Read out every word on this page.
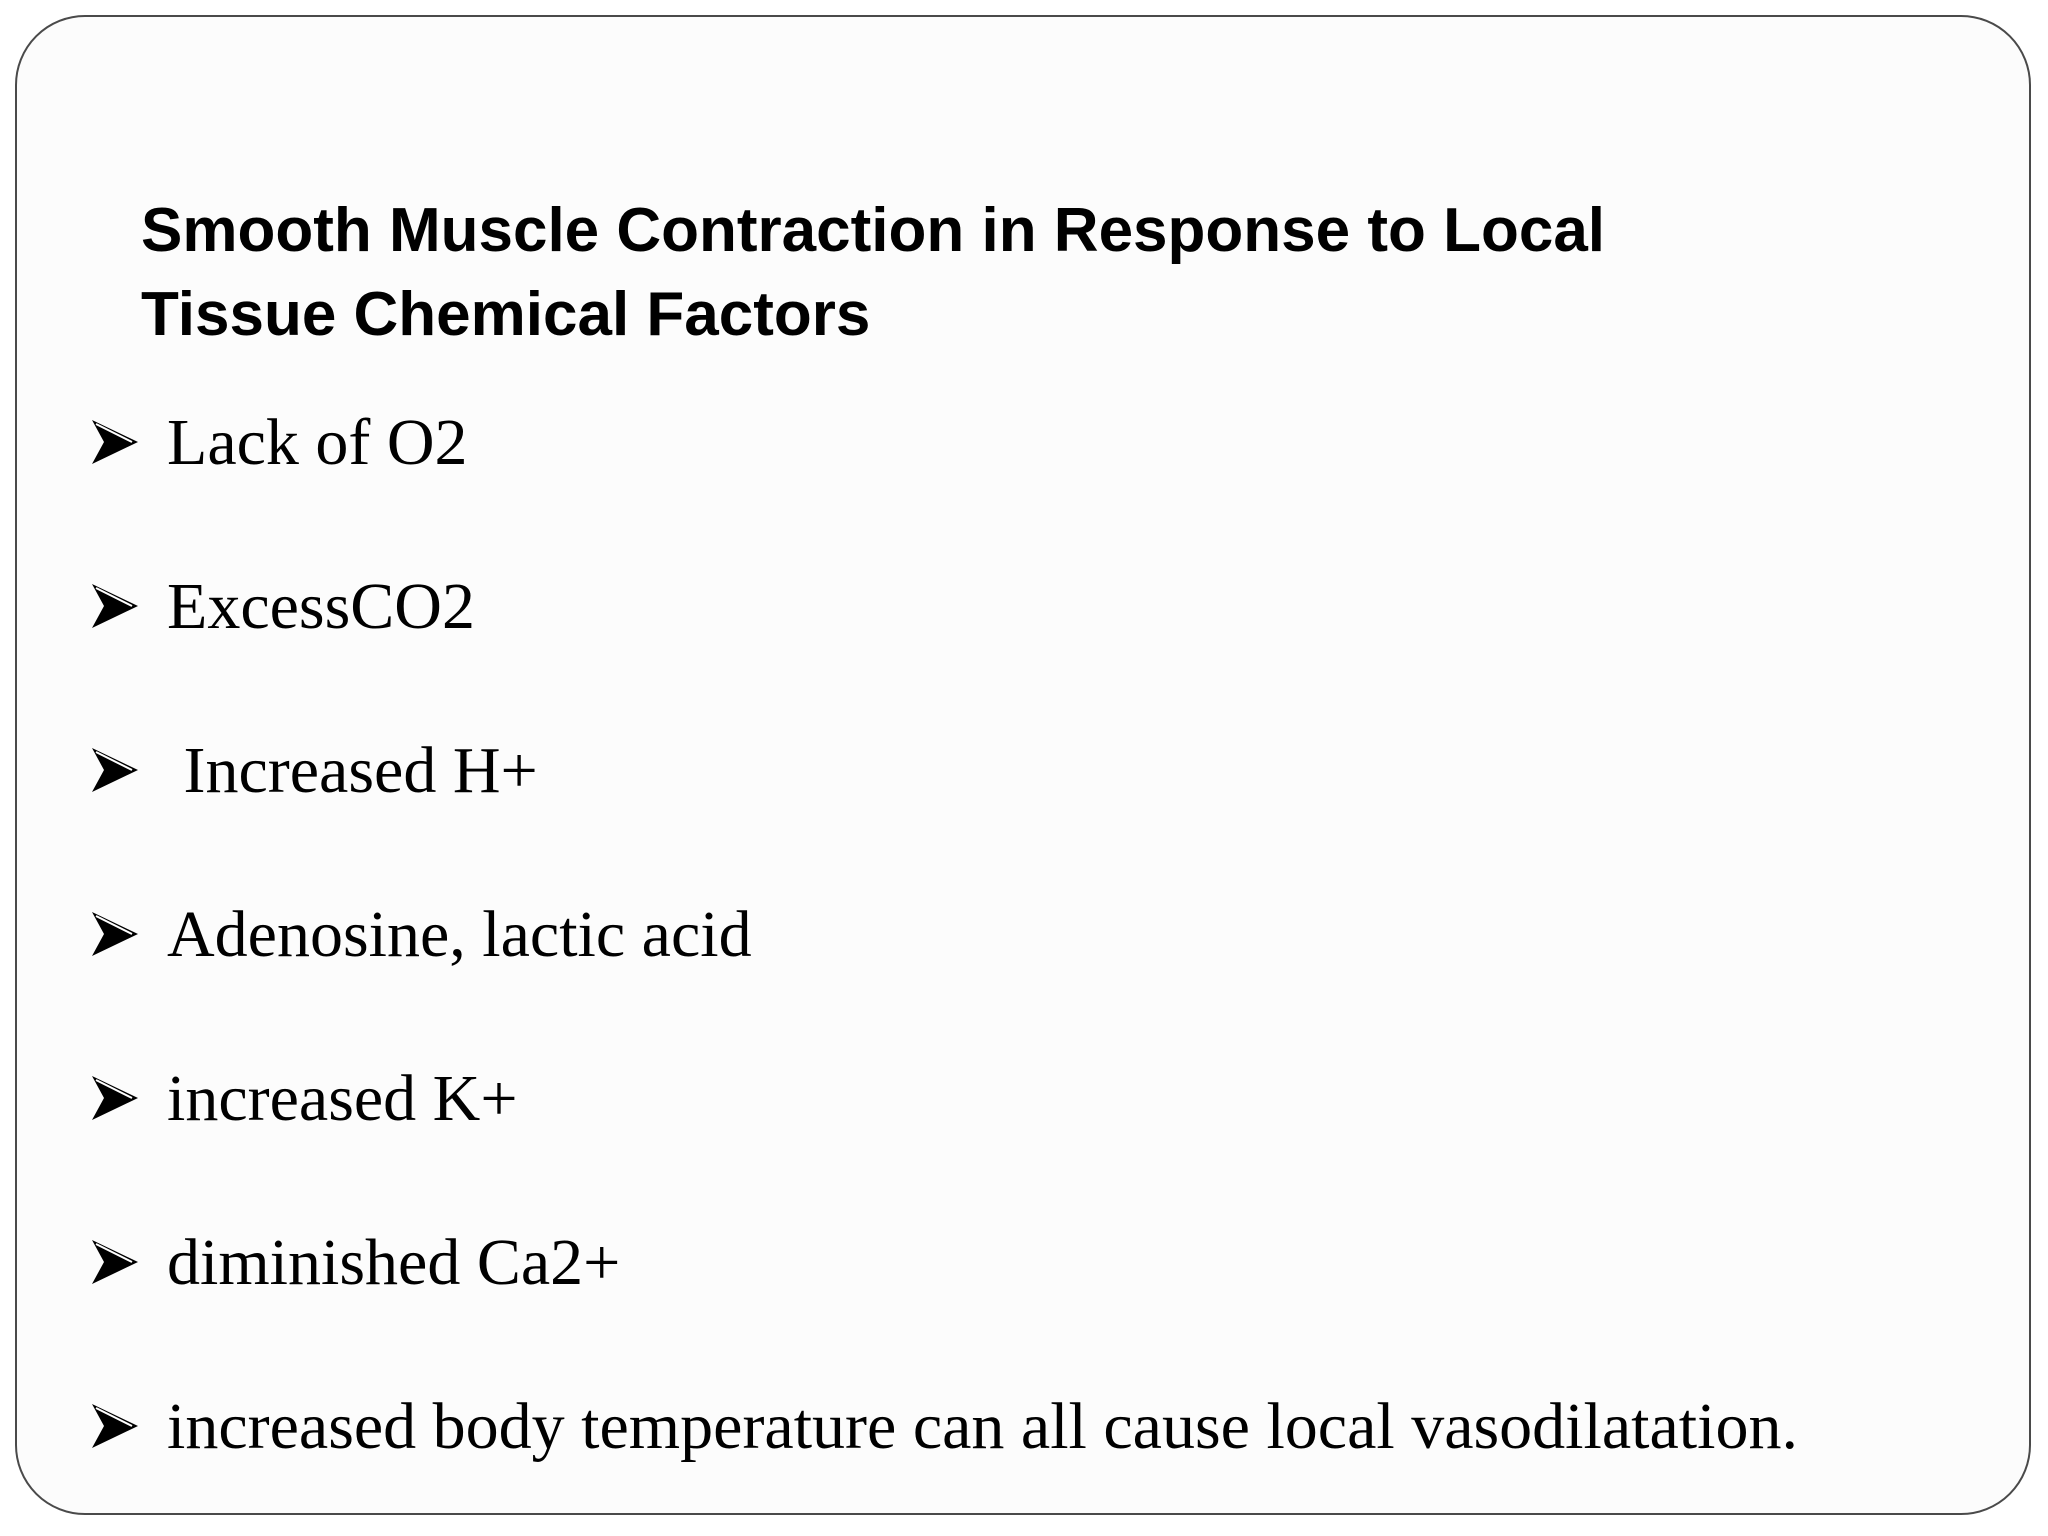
Smooth Muscle Contraction in Response to Local
Tissue Chemical Factors
Lack of O2
ExcessCO2
Increased H+
Adenosine, lactic acid
increased K+
diminished Ca2+
increased body temperature can all cause local vasodilatation.
